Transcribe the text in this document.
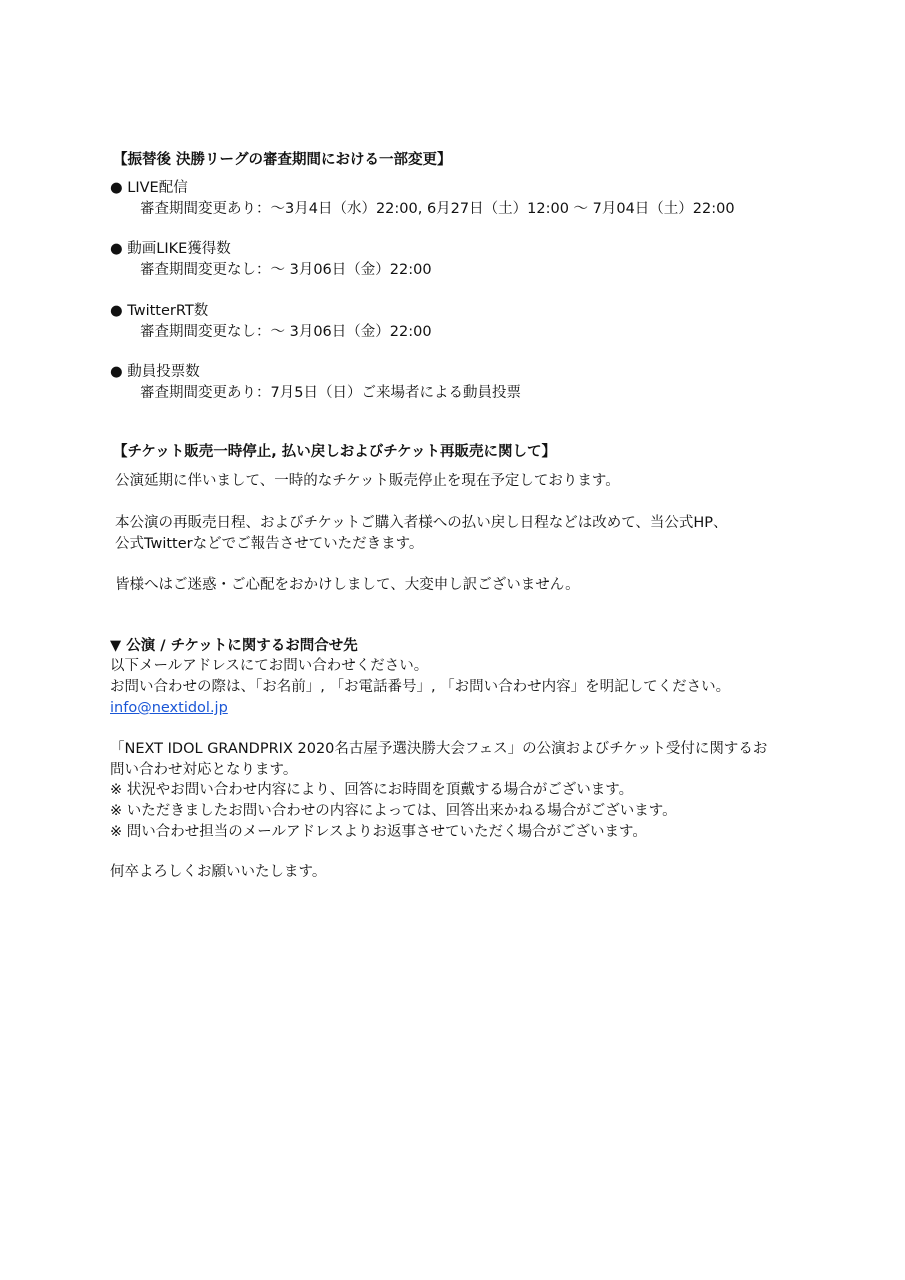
【振替後 決勝リーグの審査期間における一部変更】
● LIVE配信
審査期間変更あり：〜3月4日（水）22:00, 6月27日（土）12:00 〜 7月04日（土）22:00
● 動画LIKE獲得数
審査期間変更なし：〜 3月06日（金）22:00
● TwitterRT数
審査期間変更なし：〜 3月06日（金）22:00
● 動員投票数
審査期間変更あり：7月5日（日）ご来場者による動員投票
【チケット販売一時停止, 払い戻しおよびチケット再販売に関して】
公演延期に伴いまして、一時的なチケット販売停止を現在予定しております。
本公演の再販売日程、およびチケットご購入者様への払い戻し日程などは改めて、当公式HP、
公式Twitterなどでご報告させていただきます。
皆様へはご迷惑・ご心配をおかけしまして、大変申し訳ございません。
▼ 公演 / チケットに関するお問合せ先
以下メールアドレスにてお問い合わせください。
お問い合わせの際は、「お名前」, 「お電話番号」, 「お問い合わせ内容」を明記してください。
info@nextidol.jp
「NEXT IDOL GRANDPRIX 2020名古屋予選決勝大会フェス」の公演およびチケット受付に関するお
問い合わせ対応となります。
※ 状況やお問い合わせ内容により、回答にお時間を頂戴する場合がございます。
※ いただきましたお問い合わせの内容によっては、回答出来かねる場合がございます。
※ 問い合わせ担当のメールアドレスよりお返事させていただく場合がございます。
何卒よろしくお願いいたします。
